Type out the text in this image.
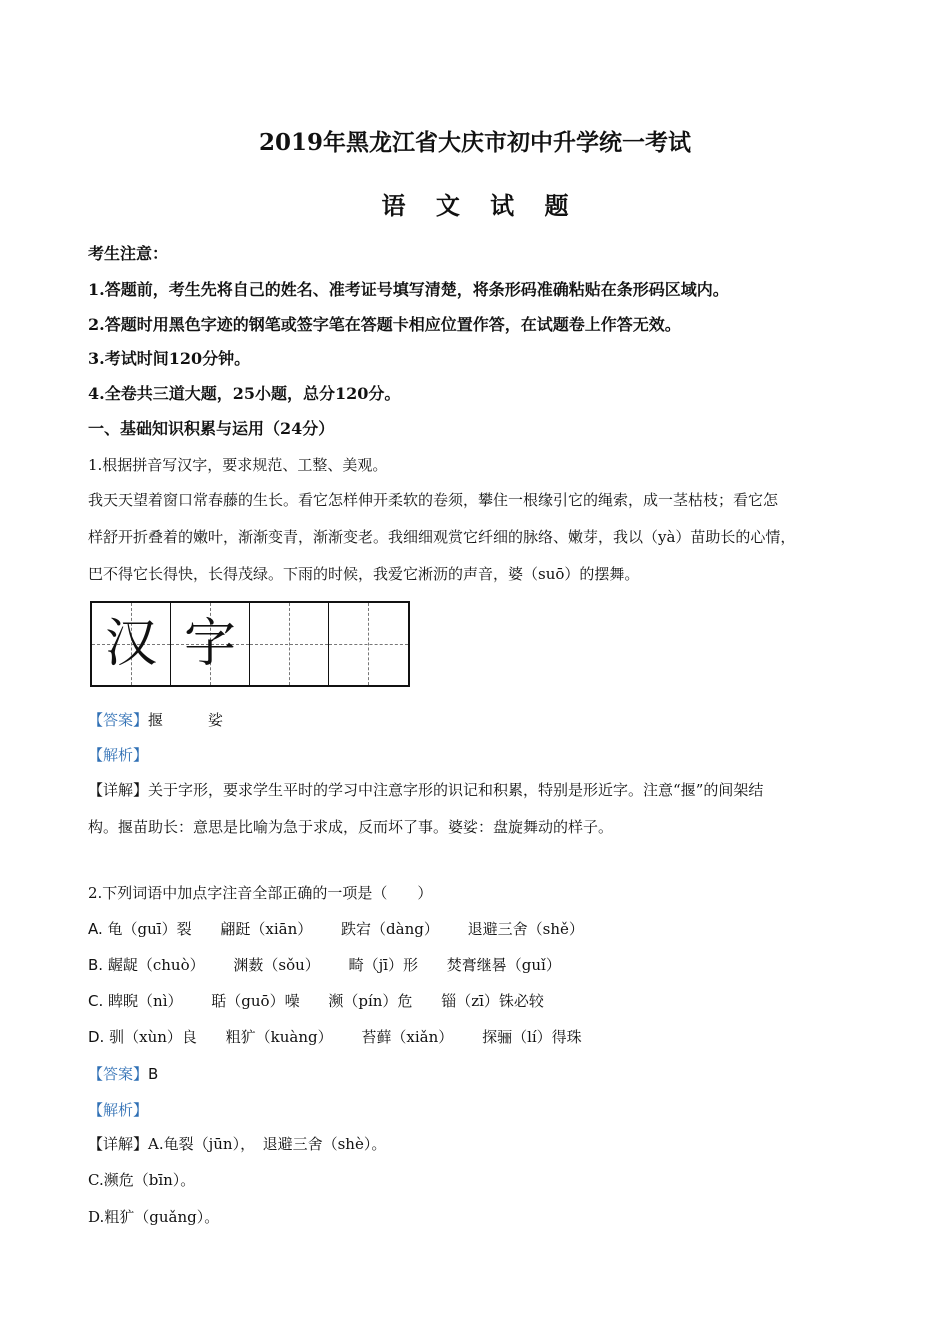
2019年黑龙江省大庆市初中升学统一考试
语 文 试 题
考生注意：
1.答题前，考生先将自己的姓名、准考证号填写清楚，将条形码准确粘贴在条形码区域内。
2.答题时用黑色字迹的钢笔或签字笔在答题卡相应位置作答，在试题卷上作答无效。
3.考试时间120分钟。
4.全卷共三道大题，25小题，总分120分。
一、基础知识积累与运用（24分）
1.根据拼音写汉字，要求规范、工整、美观。
我天天望着窗口常春藤的生长。看它怎样伸开柔软的卷须，攀住一根缘引它的绳索，成一茎枯枝；看它怎
样舒开折叠着的嫩叶，渐渐变青，渐渐变老。我细细观赏它纤细的脉络、嫩芽，我以（yà）苗助长的心情，
巴不得它长得快，长得茂绿。下雨的时候，我爱它淅沥的声音，婆（suō）的摆舞。
汉 字
【答案】揠　　　娑
【解析】
【详解】关于字形，要求学生平时的学习中注意字形的识记和积累，特别是形近字。注意“揠”的间架结
构。揠苗助长：意思是比喻为急于求成，反而坏了事。婆娑：盘旋舞动的样子。
2.下列词语中加点字注音全部正确的一项是（　　）
A. 龟（guī）裂 翩跹（xiān） 跌宕（dàng） 退避三舍（shě）
B. 龌龊（chuò） 渊薮（sǒu） 畸（jī）形 焚膏继晷（guǐ）
C. 睥睨（nì） 聒（guō）噪 濒（pín）危 锱（zī）铢必较
D. 驯（xùn）良 粗犷（kuàng） 苔藓（xiǎn） 探骊（lí）得珠
【答案】B
【解析】
【详解】A.龟裂（jūn），　退避三舍（shè）。
C.濒危（bīn）。
D.粗犷（guǎng）。
